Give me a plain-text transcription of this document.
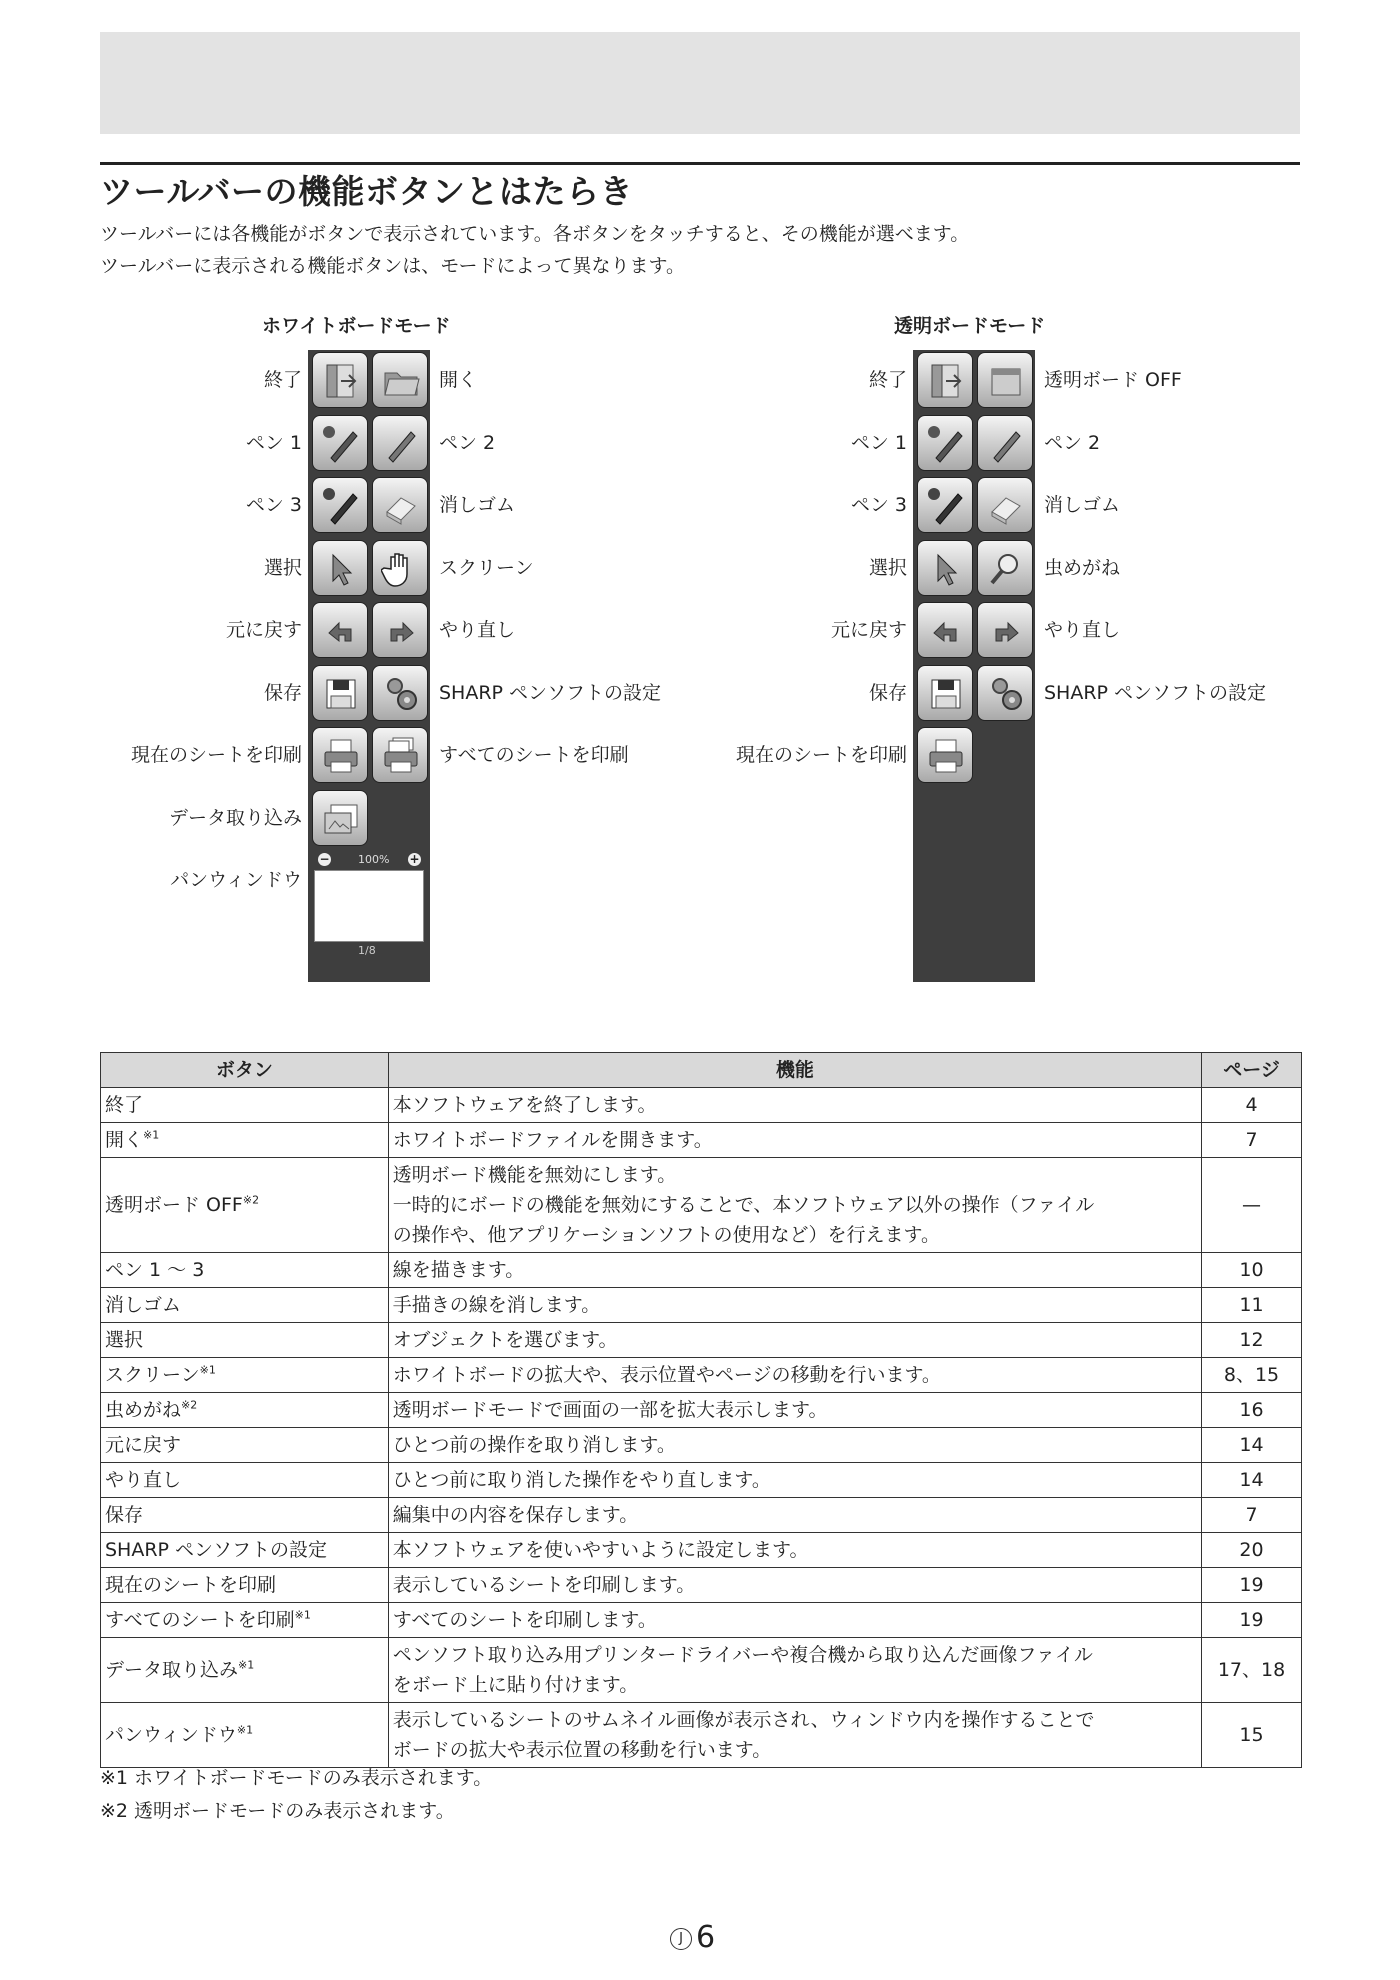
ツールバーの機能ボタンとはたらき
ツールバーには各機能がボタンで表示されています。各ボタンをタッチすると、その機能が選べます。
ツールバーに表示される機能ボタンは、モードによって異なります。
ホワイトボードモード	透明ボードモード
終了
ペン 1
ペン 3
選択
元に戻す
保存
現在のシートを印刷
データ取り込み
パンウィンドウ
開く
ペン 2
消しゴム
スクリーン
やり直し
SHARP ペンソフトの設定
すべてのシートを印刷
−	100% +
1/8
終了
ペン 1
ペン 3
選択
元に戻す
保存
現在のシートを印刷
透明ボード OFF
ペン 2
消しゴム
虫めがね
やり直し
SHARP ペンソフトの設定
ボタン	機能	ページ
終了	本ソフトウェアを終了します。	4
開く$^{※1}$	ホワイトボードファイルを開きます。	7
透明ボード OFF$^{※2}$	透明ボード機能を無効にします。
一時的にボードの機能を無効にすることで、本ソフトウェア以外の操作（ファイル
の操作や、他アプリケーションソフトの使用など）を行えます。	—
ペン 1 〜 3	線を描きます。	10
消しゴム	手描きの線を消します。	11
選択	オブジェクトを選びます。	12
スクリーン$^{※1}$	ホワイトボードの拡大や、表示位置やページの移動を行います。	8、15
虫めがね$^{※2}$	透明ボードモードで画面の一部を拡大表示します。	16
元に戻す	ひとつ前の操作を取り消します。	14
やり直し	ひとつ前に取り消した操作をやり直します。	14
保存	編集中の内容を保存します。	7
SHARP ペンソフトの設定	本ソフトウェアを使いやすいように設定します。	20
現在のシートを印刷	表示しているシートを印刷します。	19
すべてのシートを印刷$^{※1}$	すべてのシートを印刷します。	19
データ取り込み$^{※1}$	ペンソフト取り込み用プリンタードライバーや複合機から取り込んだ画像ファイル
をボード上に貼り付けます。	17、18
パンウィンドウ$^{※1}$	表示しているシートのサムネイル画像が表示され、ウィンドウ内を操作することで
ボードの拡大や表示位置の移動を行います。	15
※1 ホワイトボードモードのみ表示されます。
※2 透明ボードモードのみ表示されます。
J 6
